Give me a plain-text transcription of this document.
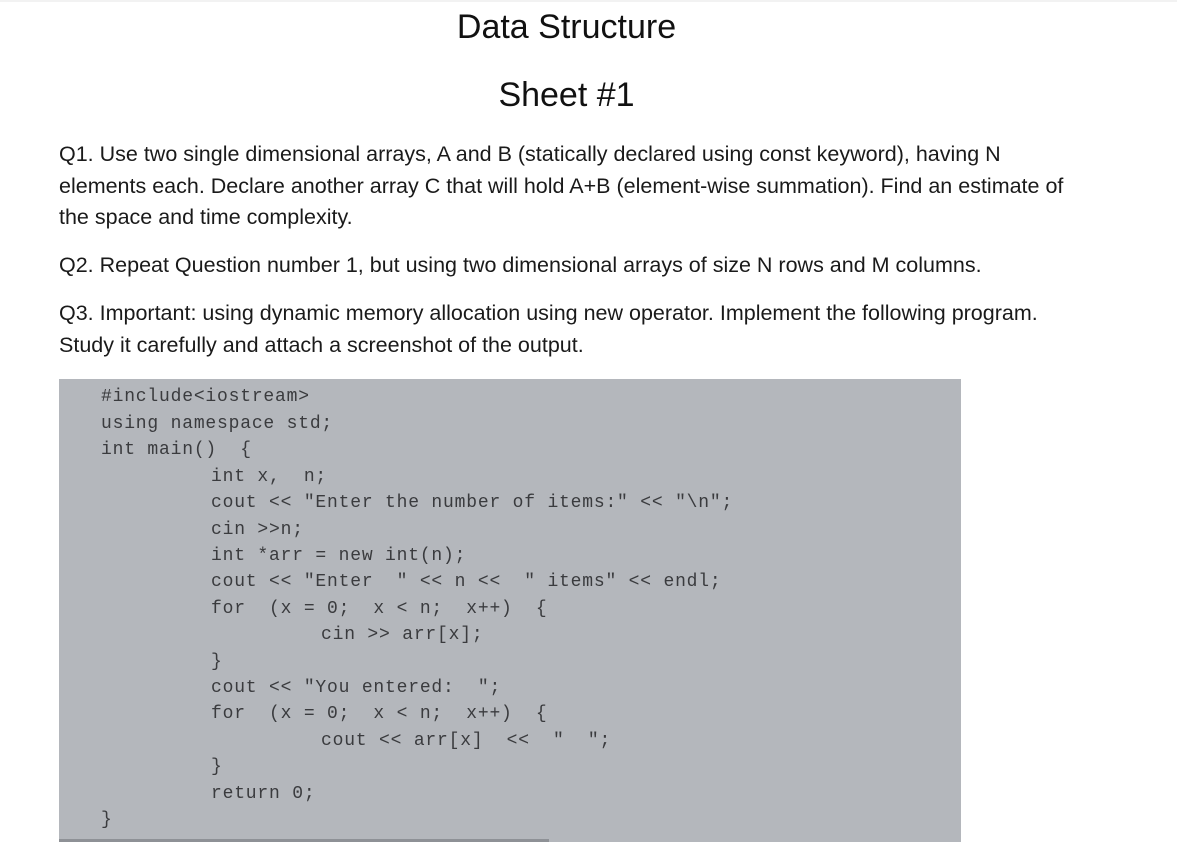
Data Structure
Sheet #1
Q1. Use two single dimensional arrays, A and B (statically declared using const keyword), having N elements each. Declare another array C that will hold A+B (element-wise summation). Find an estimate of the space and time complexity.
Q2. Repeat Question number 1, but using two dimensional arrays of size N rows and M columns.
Q3. Important: using dynamic memory allocation using new operator. Implement the following program. Study it carefully and attach a screenshot of the output.
#include<iostream>
using namespace std;
int main()  {
int x,  n;
cout << "Enter the number of items:" << "\n";
cin >>n;
int *arr = new int(n);
cout << "Enter  " << n <<  " items" << endl;
for  (x = 0;  x < n;  x++)  {
cin >> arr[x];
}
cout << "You entered:  ";
for  (x = 0;  x < n;  x++)  {
cout << arr[x]  <<  "  ";
}
return 0;
}
